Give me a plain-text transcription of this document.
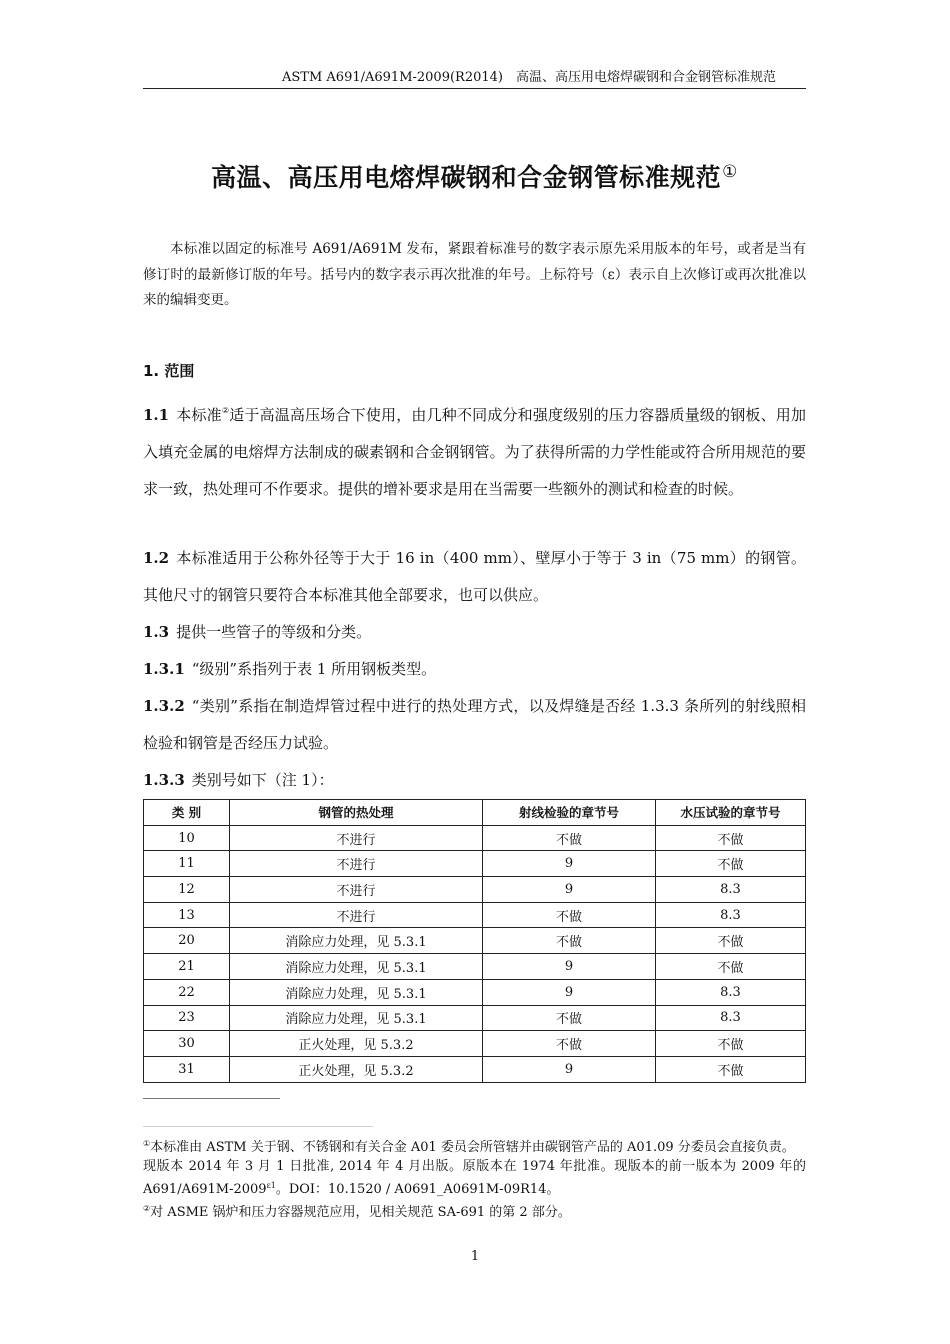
ASTM A691/A691M-2009(R2014)　高温、高压用电熔焊碳钢和合金钢管标准规范
高温、高压用电熔焊碳钢和合金钢管标准规范①
本标准以固定的标准号 A691/A691M 发布，紧跟着标准号的数字表示原先采用版本的年号，或者是当有修订时的最新修订版的年号。括号内的数字表示再次批准的年号。上标符号（ε）表示自上次修订或再次批准以来的编辑变更。
1. 范围
1.1 本标准②适于高温高压场合下使用，由几种不同成分和强度级别的压力容器质量级的钢板、用加入填充金属的电熔焊方法制成的碳素钢和合金钢钢管。为了获得所需的力学性能或符合所用规范的要求一致，热处理可不作要求。提供的增补要求是用在当需要一些额外的测试和检查的时候。
1.2 本标准适用于公称外径等于大于 16 in（400 mm）、壁厚小于等于 3 in（75 mm）的钢管。其他尺寸的钢管只要符合本标准其他全部要求，也可以供应。
1.3 提供一些管子的等级和分类。
1.3.1 “级别”系指列于表 1 所用钢板类型。
1.3.2 “类别”系指在制造焊管过程中进行的热处理方式，以及焊缝是否经 1.3.3 条所列的射线照相检验和钢管是否经压力试验。
1.3.3 类别号如下（注 1）：
类 别	钢管的热处理	射线检验的章节号	水压试验的章节号
10	不进行	不做	不做
11	不进行	9	不做
12	不进行	9	8.3
13	不进行	不做	8.3
20	消除应力处理，见 5.3.1	不做	不做
21	消除应力处理，见 5.3.1	9	不做
22	消除应力处理，见 5.3.1	9	8.3
23	消除应力处理，见 5.3.1	不做	8.3
30	正火处理，见 5.3.2	不做	不做
31	正火处理，见 5.3.2	9	不做

①本标准由 ASTM 关于钢、不锈钢和有关合金 A01 委员会所管辖并由碳钢管产品的 A01.09 分委员会直接负责。

现版本 2014 年 3 月 1 日批准, 2014 年 4 月出版。原版本在 1974 年批准。现版本的前一版本为 2009 年的 $A691/A691M-2009^{\varepsilon 1}$。DOI：10.1520 / A0691_A0691M-09R14。

②对 ASME 锅炉和压力容器规范应用，见相关规范 SA-691 的第 2 部分。

1
